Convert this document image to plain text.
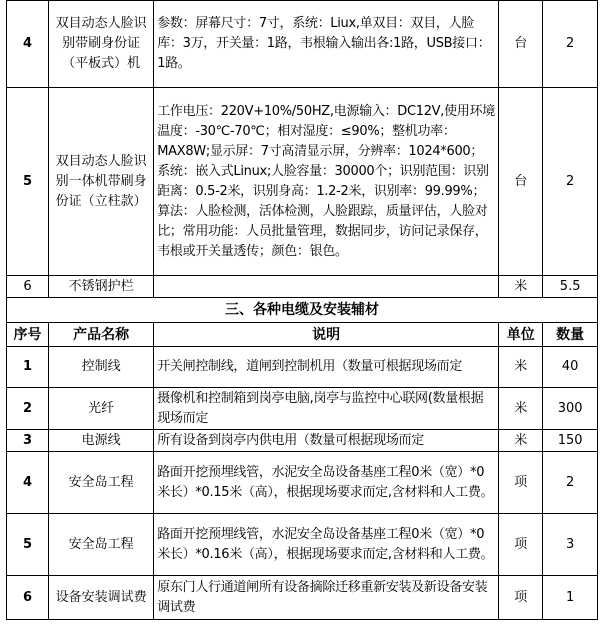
4	双目动态人脸识别带刷身份证（平板式）机	参数：屏幕尺寸：7寸，系统：Liux,单双目：双目，人脸库：3万，开关量：1路，韦根输入输出各:1路，USB接口：1路。	台	2
5	双目动态人脸识别一体机带刷身份证（立柱款）	工作电压：220V+10%/50HZ,电源输入：DC12V,使用环境温度：-30℃-70℃；相对湿度：≤90%；整机功率：MAX8W;显示屏：7寸高清显示屏，分辨率：1024*600；系统：嵌入式Linux;人脸容量：30000个；识别范围：识别距离：0.5-2米，识别身高：1.2-2米，识别率：99.99%；算法：人脸检测，活体检测，人脸跟踪，质量评估，人脸对比；常用功能：人员批量管理，数据同步，访问记录保存，韦根或开关量透传；颜色：银色。	台	2
6	不锈钢护栏		米	5.5
三、各种电缆及安装辅材				
序号	产品名称	说明	单位	数量
1	控制线	开关闸控制线，道闸到控制机用（数量可根据现场而定	米	40
2	光纤	摄像机和控制箱到岗亭电脑,岗亭与监控中心联网(数量根据现场而定	米	300
3	电源线	所有设备到岗亭内供电用（数量可根据现场而定	米	150
4	安全岛工程	路面开挖预埋线管，水泥安全岛设备基座工程0米（宽）*0米长）*0.15米（高），根据现场要求而定,含材料和人工费。	项	2
5	安全岛工程	路面开挖预埋线管，水泥安全岛设备基座工程0米（宽）*0米长）*0.16米（高），根据现场要求而定,含材料和人工费。	项	3
6	设备安装调试费	原东门人行通道闸所有设备摘除迁移重新安装及新设备安装调试费	项	1
